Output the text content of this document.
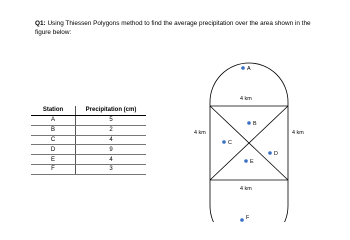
Q1: Using Thiessen Polygons method to find the average precipitation over the area shown in the figure below:
Station	Precipitation (cm)
A	5
B	2
C	4
D	9
E	4
F	3
A
B
C
D
E
F
4 km
4 km
4 km	4 km
